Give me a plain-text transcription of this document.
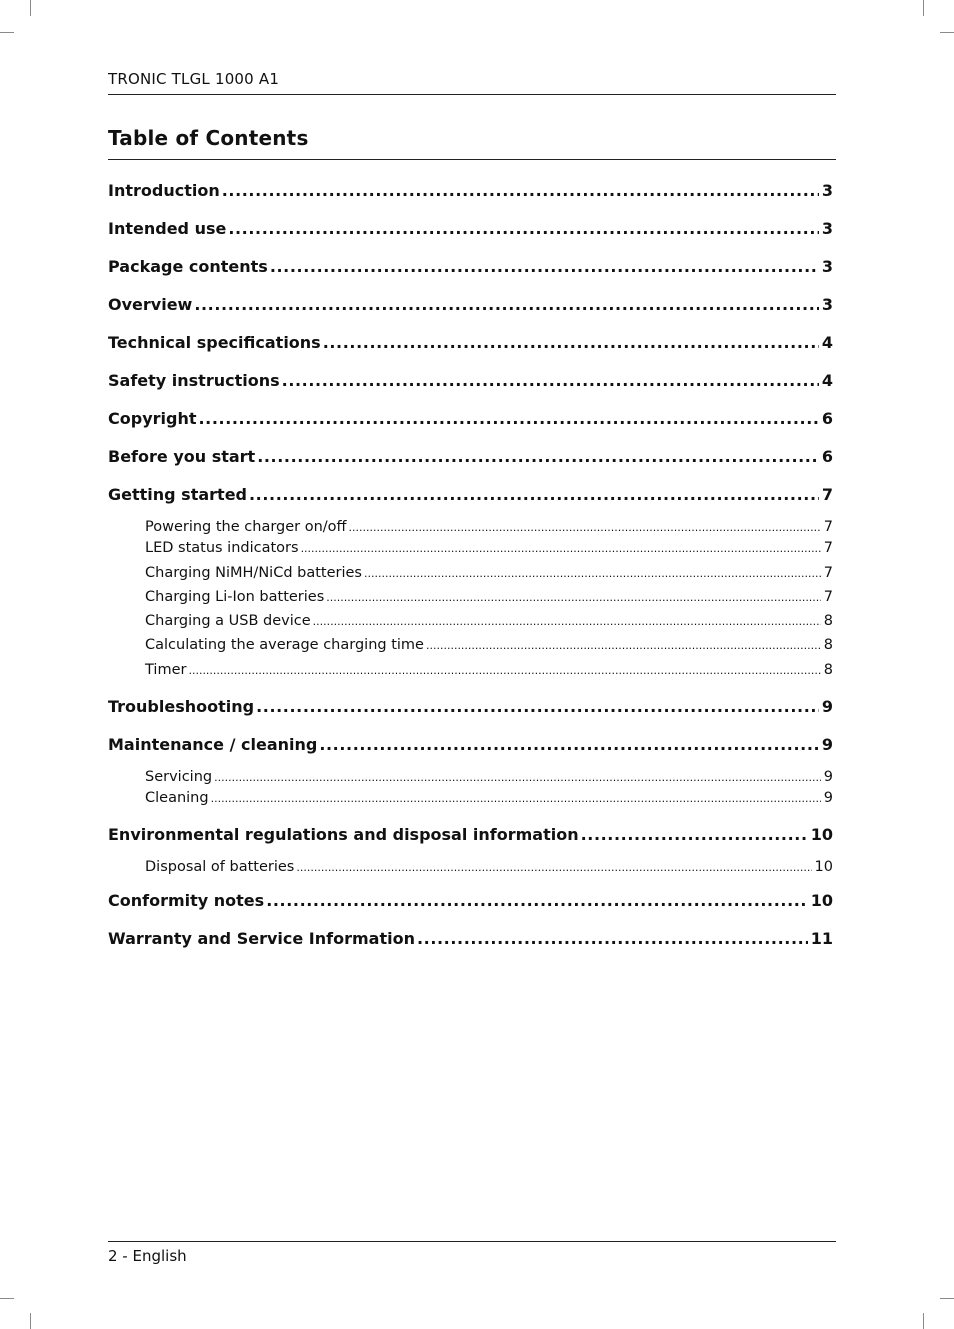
TRONIC TLGL 1000 A1
Table of Contents
Introduction .....	3
Intended use .....	3
Package contents .....	3
Overview .....	3
Technical specifications .....	4
Safety instructions .....	4
Copyright .....	6
Before you start .....	6
Getting started .....	7
Powering the charger on/off .....	7
LED status indicators .....	7
Charging NiMH/NiCd batteries .....	7
Charging Li-Ion batteries .....	7
Charging a USB device .....	8
Calculating the average charging time .....	8
Timer .....	8
Troubleshooting .....	9
Maintenance / cleaning .....	9
Servicing .....	9
Cleaning .....	9
Environmental regulations and disposal information .....	10
Disposal of batteries .....	10
Conformity notes .....	10
Warranty and Service Information .....	11
2 - English
